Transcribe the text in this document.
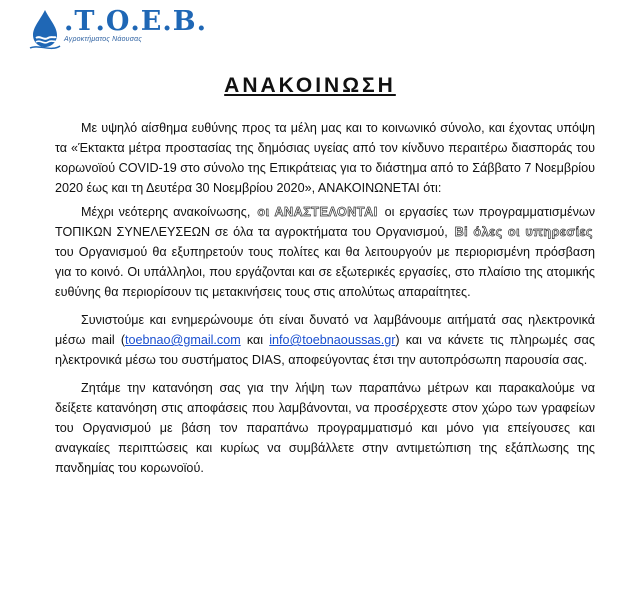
.Τ.Ο.Ε.Β.
Αγροκτήματος Νάουσας
ΑΝΑΚΟΙΝΩΣΗ

Με υψηλό αίσθημα ευθύνης προς τα μέλη μας και το κοινωνικό σύνολο, και έχοντας υπόψη τα «Έκτακτα μέτρα προστασίας της δημόσιας υγείας από τον κίνδυνο περαιτέρω διασποράς του κορωνοϊού COVID-19 στο σύνολο της Επικράτειας για το διάστημα από το Σάββατο 7 Νοεμβρίου 2020 έως και τη Δευτέρα 30 Νοεμβρίου 2020», ΑΝΑΚΟΙΝΩΝΕΤΑΙ ότι:

Μέχρι νεότερης ανακοίνωσης, οι ΑΝΑΣΤΕΛΟΝΤΑΙ οι εργασίες των προγραμματισμένων ΤΟΠΙΚΩΝ ΣΥΝΕΛΕΥΣΕΩΝ σε όλα τα αγροκτήματα του Οργανισμού, Βi όλες οι υπηρεσίες του Οργανισμού θα εξυπηρετούν τους πολίτες και θα λειτουργούν με περιορισμένη πρόσβαση για το κοινό. Οι υπάλληλοι, που εργάζονται και σε εξωτερικές εργασίες, στο πλαίσιο της ατομικής ευθύνης θα περιορίσουν τις μετακινήσεις τους στις απολύτως απαραίτητες.

Συνιστούμε και ενημερώνουμε ότι είναι δυνατό να λαμβάνουμε αιτήματά σας ηλεκτρονικά μέσω mail (toebnao@gmail.com και info@toebnaoussas.gr) και να κάνετε τις πληρωμές σας ηλεκτρονικά μέσω του συστήματος DIAS, αποφεύγοντας έτσι την αυτοπρόσωπη παρουσία σας.

Ζητάμε την κατανόηση σας για την λήψη των παραπάνω μέτρων και παρακαλούμε να δείξετε κατανόηση στις αποφάσεις που λαμβάνονται, να προσέρχεστε στον χώρο των γραφείων του Οργανισμού με βάση τον παραπάνω προγραμματισμό και μόνο για επείγουσες και αναγκαίες περιπτώσεις και κυρίως να συμβάλλετε στην αντιμετώπιση της εξάπλωσης της πανδημίας του κορωνοϊού.
